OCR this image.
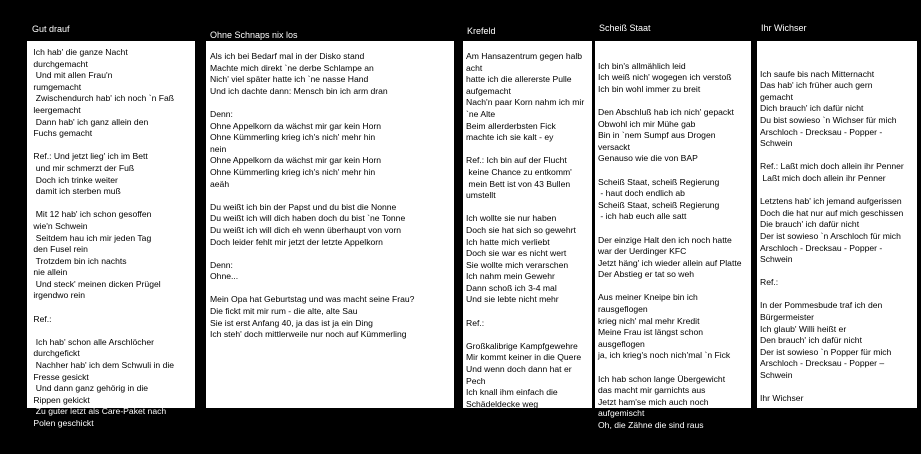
Gut drauf
Ohne Schnaps nix los	Krefeld	Scheiß Staat	Ihr Wichser
Ich hab' die ganze Nacht
durchgemacht
Und mit allen Frau'n
rumgemacht
Zwischendurch hab' ich noch `n Faß
leergemacht
Dann hab' ich ganz allein den
Fuchs gemacht
Ref.: Und jetzt lieg' ich im Bett
und mir schmerzt der Fuß
Doch ich trinke weiter
damit ich sterben muß
Mit 12 hab' ich schon gesoffen
wie'n Schwein
Seitdem hau ich mir jeden Tag
den Fusel rein
Trotzdem bin ich nachts
nie allein
Und steck' meinen dicken Prügel
irgendwo rein
Ref.:
Ich hab' schon alle Arschlöcher
durchgefickt
Nachher hab' ich dem Schwuli in die
Fresse gesickt
Und dann ganz gehörig in die
Rippen gekickt
Zu guter letzt als Care-Paket nach
Polen geschickt
Als ich bei Bedarf mal in der Disko stand
Machte mich direkt `ne derbe Schlampe an
Nich' viel später hatte ich `ne nasse Hand
Und ich dachte dann: Mensch bin ich arm dran
Denn:
Ohne Appelkorn da wächst mir gar kein Horn
Ohne Kümmerling krieg ich's nich' mehr hin
nein
Ohne Appelkorn da wächst mir gar kein Horn
Ohne Kümmerling krieg ich's nich' mehr hin
aeäh
Du weißt ich bin der Papst und du bist die Nonne
Du weißt ich will dich haben doch du bist `ne Tonne
Du weißt ich will dich eh wenn überhaupt von vorn
Doch leider fehlt mir jetzt der letzte Appelkorn
Denn:
Ohne...
Mein Opa hat Geburtstag und was macht seine Frau?
Die fickt mit mir rum - die alte, alte Sau
Sie ist erst Anfang 40, ja das ist ja ein Ding
Ich steh' doch mittlerweile nur noch auf Kümmerling
Am Hansazentrum gegen halb
acht
hatte ich die allererste Pulle
aufgemacht
Nach'n paar Korn nahm ich mir
`ne Alte
Beim allerderbsten Fick
machte ich sie kalt - ey
Ref.: Ich bin auf der Flucht
keine Chance zu entkomm'
mein Bett ist von 43 Bullen
umstellt
Ich wollte sie nur haben
Doch sie hat sich so gewehrt
Ich hatte mich verliebt
Doch sie war es nicht wert
Sie wollte mich verarschen
Ich nahm mein Gewehr
Dann schoß ich 3-4 mal
Und sie lebte nicht mehr
Ref.:
Großkalibrige Kampfgewehre
Mir kommt keiner in die Quere
Und wenn doch dann hat er
Pech
Ich knall ihm einfach die
Schädeldecke weg
Ich bin's allmählich leid
Ich weiß nich' wogegen ich verstoß
Ich bin wohl immer zu breit
Den Abschluß hab ich nich' gepackt
Obwohl ich mir Mühe gab
Bin in `nem Sumpf aus Drogen
versackt
Genauso wie die von BAP
Scheiß Staat, scheiß Regierung
- haut doch endlich ab
Scheiß Staat, scheiß Regierung
- ich hab euch alle satt
Der einzige Halt den ich noch hatte
war der Uerdinger KFC
Jetzt häng' ich wieder allein auf Platte
Der Abstieg er tat so weh
Aus meiner Kneipe bin ich
rausgeflogen
krieg nich' mal mehr Kredit
Meine Frau ist längst schon
ausgeflogen
ja, ich krieg's noch nich'mal `n Fick
Ich hab schon lange Übergewicht
das macht mir garnichts aus
Jetzt ham'se mich auch noch
aufgemischt
Oh, die Zähne die sind raus
Ich saufe bis nach Mitternacht
Das hab' ich früher auch gern
gemacht
Dich brauch' ich dafür nicht
Du bist sowieso `n Wichser für mich
Arschloch - Drecksau - Popper -
Schwein
Ref.: Laßt mich doch allein ihr Penner
Laßt mich doch allein ihr Penner
Letztens hab' ich jemand aufgerissen
Doch die hat nur auf mich geschissen
Die brauch' ich dafür nicht
Der ist sowieso `n Arschloch für mich
Arschloch - Drecksau - Popper -
Schwein
Ref.:
In der Pommesbude traf ich den
Bürgermeister
Ich glaub' Willi heißt er
Den brauch' ich dafür nicht
Der ist sowieso `n Popper für mich
Arschloch - Drecksau - Popper –
Schwein
Ihr Wichser
